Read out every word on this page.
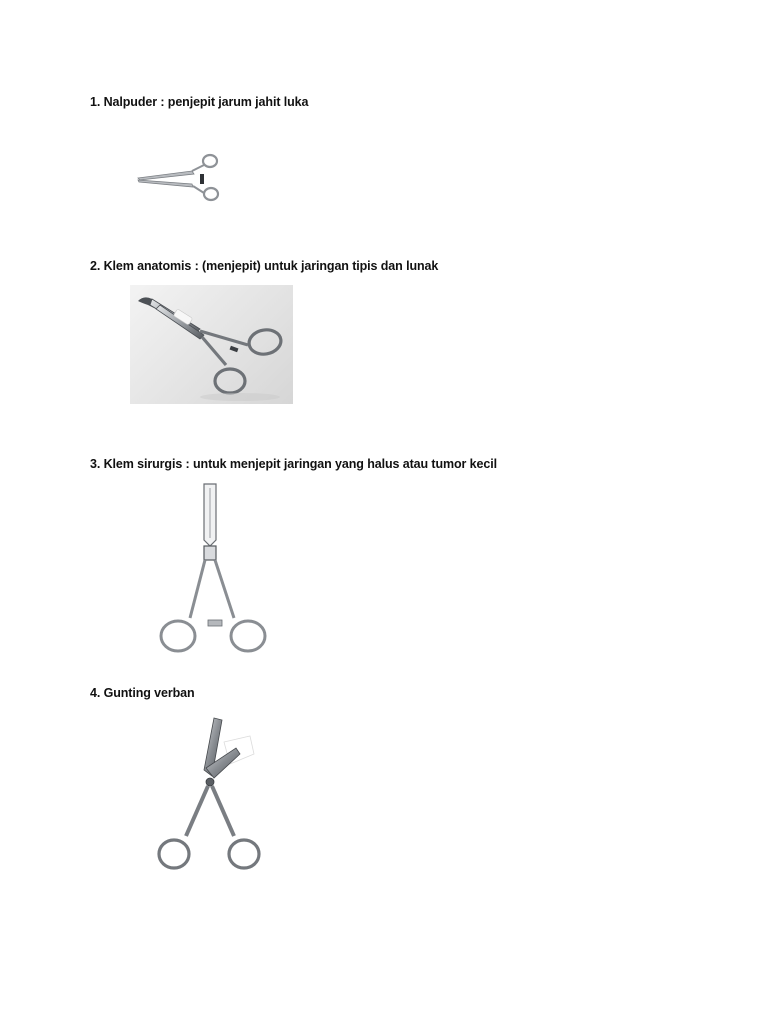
1. Nalpuder : penjepit jarum jahit luka

2. Klem anatomis : (menjepit) untuk jaringan tipis dan lunak

3. Klem sirurgis : untuk menjepit jaringan yang halus atau tumor kecil

4. Gunting verban
